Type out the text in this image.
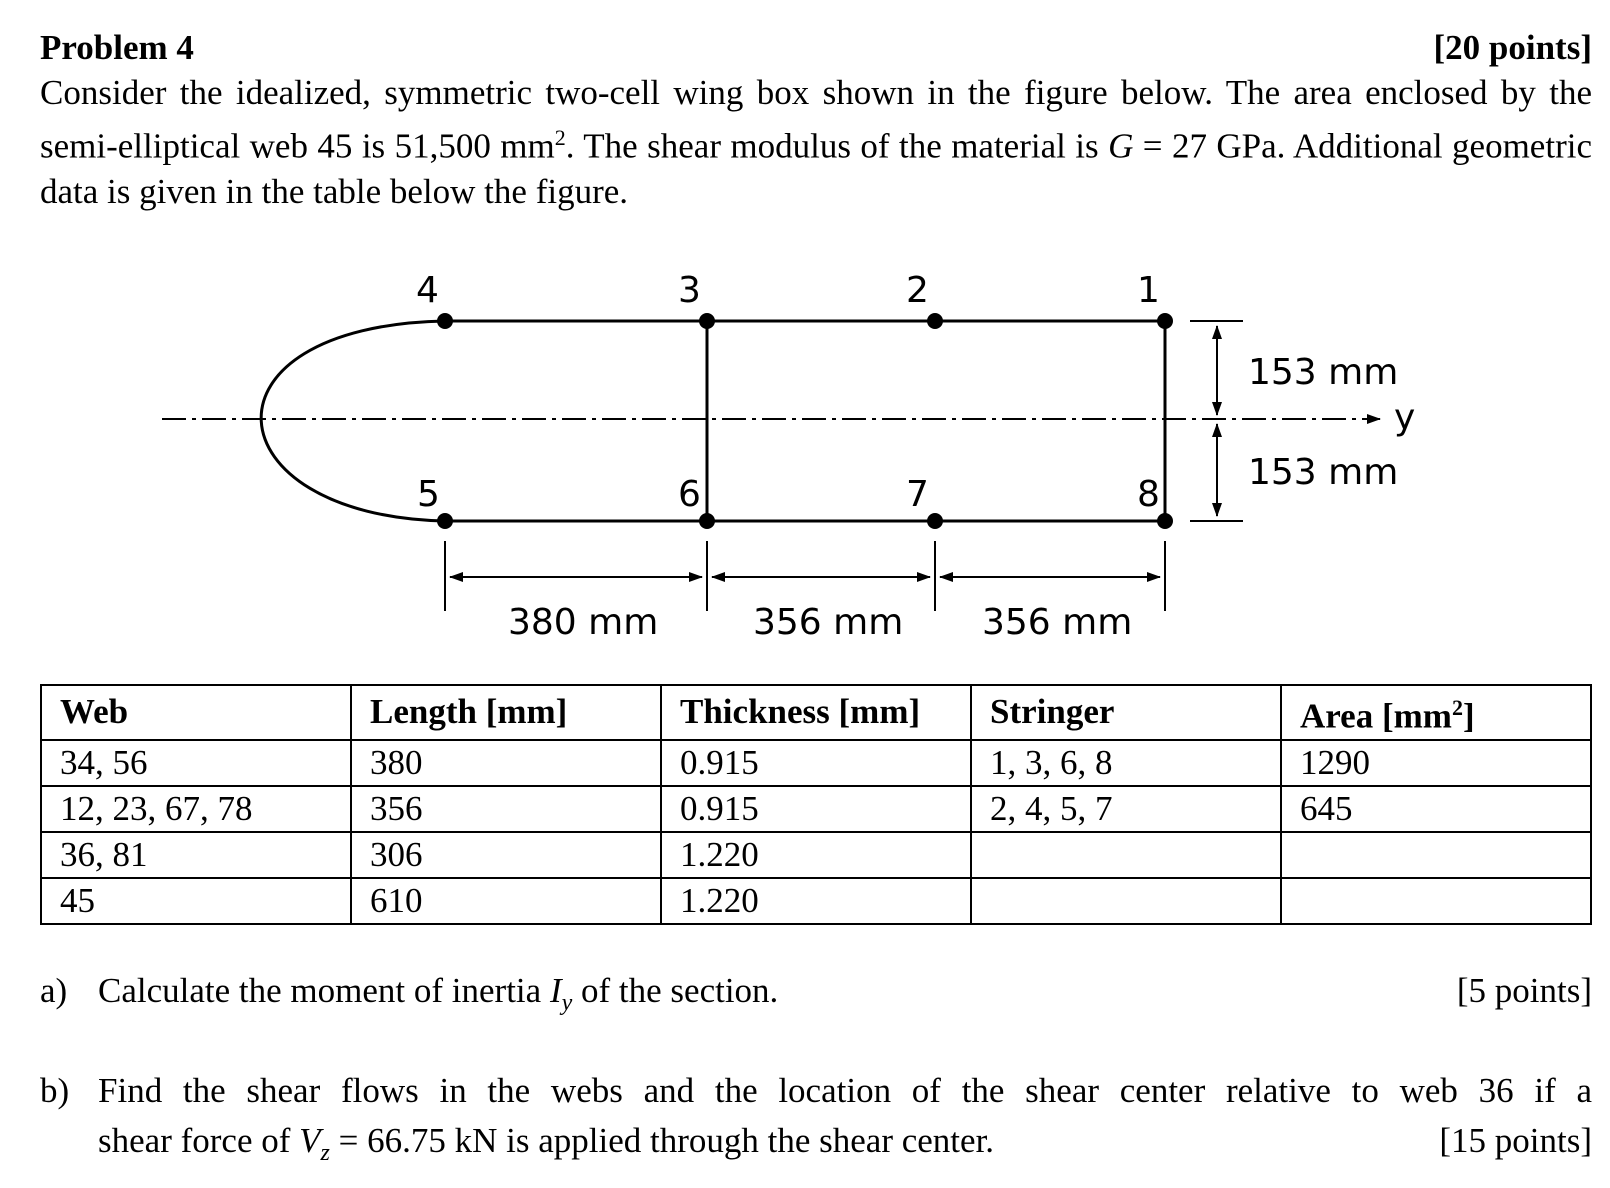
Problem 4	[20 points]

Consider the idealized, symmetric two-cell wing box shown in the figure below. The area enclosed by the semi-elliptical web 45 is 51,500 $mm^2$. The shear modulus of the material is G = 27 GPa. Additional geometric data is given in the table below the figure.

1
2
3
4
5	6	7	8
y
153 mm
153 mm
380 mm	356 mm 356 mm
Web	Length [mm]	Thickness [mm]	Stringer	Area $[mm^2]$
34, 56	380	0.915	1, 3, 6, 8	1290
12, 23, 67, 78	356	0.915	2, 4, 5, 7	645
36, 81	306	1.220		
45	610	1.220		
a)	[5 points]
Calculate the moment of inertia $I_y$ of the section.
b) Find the shear flows in the webs and the location of the shear center relative to web 36 if a
shear force of $V_z = 66.75$ kN is applied through the shear center.	[15 points]
